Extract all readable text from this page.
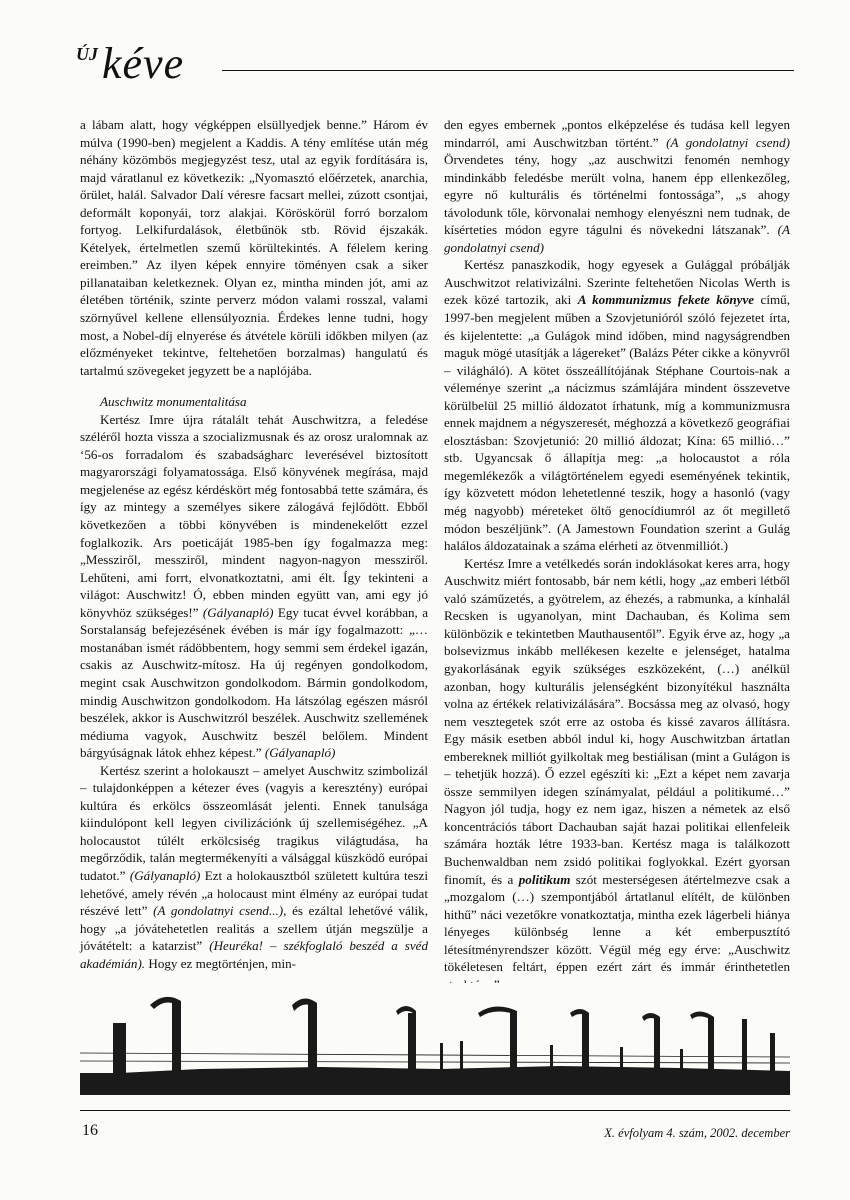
ÚJ kéve

a lábam alatt, hogy végképpen elsüllyedjek benne.” Három év múlva (1990-ben) megjelent a Kaddis. A tény említése után még néhány közömbös megjegyzést tesz, utal az egyik fordítására is, majd váratlanul ez következik: „Nyomasztó előérzetek, anarchia, őrület, halál. Salvador Dalí véresre facsart mellei, zúzott csontjai, deformált koponyái, torz alakjai. Köröskörül forró borzalom fortyog. Lelkifurdalások, életbűnök stb. Rövid éjszakák. Kételyek, értelmetlen szemű körültekintés. A félelem kering ereimben.” Az ilyen képek ennyire töményen csak a siker pillanataiban keletkeznek. Olyan ez, mintha minden jót, ami az életében történik, szinte perverz módon valami rosszal, valami szörnyűvel kellene ellensúlyoznia. Érdekes lenne tudni, hogy most, a Nobel-díj elnyerése és átvétele körüli időkben milyen (az előzményeket tekintve, feltehetően borzalmas) hangulatú és tartalmú szövegeket jegyzett be a naplójába.

Auschwitz monumentalitása

Kertész Imre újra rátalált tehát Auschwitzra, a feledése széléről hozta vissza a szocializmusnak és az orosz uralomnak az ‘56-os forradalom és szabadságharc leverésével biztosított magyarországi folyamatossága. Első könyvének megírása, majd megjelenése az egész kérdéskört még fontosabbá tette számára, és így az mintegy a személyes sikere zálogává fejlődött. Ebből következően a többi könyvében is mindenekelőtt ezzel foglalkozik. Ars poeticáját 1985-ben így fogalmazza meg: „Messziről, messziről, mindent nagyon-nagyon messziről. Lehűteni, ami forrt, elvonatkoztatni, ami élt. Így tekinteni a világot: Auschwitz! Ó, ebben minden együtt van, ami egy jó könyvhöz szükséges!” (Gályanapló) Egy tucat évvel korábban, a Sorstalanság befejezésének évében is már így fogalmazott: „…mostanában ismét rádöbbentem, hogy semmi sem érdekel igazán, csakis az Auschwitz-mítosz. Ha új regényen gondolkodom, megint csak Auschwitzon gondolkodom. Bármin gondolkodom, mindig Auschwitzon gondolkodom. Ha látszólag egészen másról beszélek, akkor is Auschwitzról beszélek. Auschwitz szellemének médiuma vagyok, Auschwitz beszél belőlem. Mindent bárgyúságnak látok ehhez képest.” (Gályanapló)

Kertész szerint a holokauszt – amelyet Auschwitz szimbolizál – tulajdonképpen a kétezer éves (vagyis a keresztény) európai kultúra és erkölcs összeomlását jelenti. Ennek tanulsága kiindulópont kell legyen civilizációnk új szellemiségéhez. „A holocaustot túlélt erkölcsiség tragikus világtudása, ha megőrződik, talán megtermékenyíti a válsággal küszködő európai tudatot.” (Gályanapló) Ezt a holokausztból született kultúra teszi lehetővé, amely révén „a holocaust mint élmény az európai tudat részévé lett” (A gondolatnyi csend...), és ezáltal lehetővé válik, hogy „a jóvátehetetlen realitás a szellem útján megszülje a jóvátételt: a katarzist” (Heuréka! – székfoglaló beszéd a svéd akadémián). Hogy ez megtörténjen, min-

den egyes embernek „pontos elképzelése és tudása kell legyen mindarról, ami Auschwitzban történt.” (A gondolatnyi csend) Örvendetes tény, hogy „az auschwitzi fenomén nemhogy mindinkább feledésbe merült volna, hanem épp ellenkezőleg, egyre nő kulturális és történelmi fontossága”, „s ahogy távolodunk tőle, körvonalai nemhogy elenyészni nem tudnak, de kísérteties módon egyre tágulni és növekedni látszanak”. (A gondolatnyi csend)

Kertész panaszkodik, hogy egyesek a Gulággal próbálják Auschwitzot relativizálni. Szerinte feltehetően Nicolas Werth is ezek közé tartozik, aki A kommunizmus fekete könyve című, 1997-ben megjelent műben a Szovjetunióról szóló fejezetet írta, és kijelentette: „a Gulágok mind időben, mind nagyságrendben maguk mögé utasítják a lágereket” (Balázs Péter cikke a könyvről – világháló). A kötet összeállítójának Stéphane Courtois-nak a véleménye szerint „a nácizmus számlájára mindent összevetve körülbelül 25 millió áldozatot írhatunk, míg a kommunizmusra ennek majdnem a négyszeresét, méghozzá a következő geográfiai elosztásban: Szovjetunió: 20 millió áldozat; Kína: 65 millió…” stb. Ugyancsak ő állapítja meg: „a holocaustot a róla megemlékezők a világtörténelem egyedi eseményének tekintik, így közvetett módon lehetetlenné teszik, hogy a hasonló (vagy még nagyobb) méreteket öltő genocídiumról az őt megillető módon beszéljünk”. (A Jamestown Foundation szerint a Gulág halálos áldozatainak a száma elérheti az ötvenmilliót.)

Kertész Imre a vetélkedés során indoklásokat keres arra, hogy Auschwitz miért fontosabb, bár nem kétli, hogy „az emberi létből való száműzetés, a gyötrelem, az éhezés, a rabmunka, a kínhalál Recsken is ugyanolyan, mint Dachauban, és Kolima sem különbözik e tekintetben Mauthausentől”. Egyik érve az, hogy „a bolsevizmus inkább mellékesen kezelte e jelenséget, hatalma gyakorlásának egyik szükséges eszközeként, (…) anélkül azonban, hogy kulturális jelenségként bizonyítékul használta volna az értékek relativizálására”. Bocsássa meg az olvasó, hogy nem vesztegetek szót erre az ostoba és kissé zavaros állításra. Egy másik esetben abból indul ki, hogy Auschwitzban ártatlan embereknek milliót gyilkoltak meg bestiálisan (mint a Gulágon is – tehetjük hozzá). Ő ezzel egészíti ki: „Ezt a képet nem zavarja össze semmilyen idegen színámyalat, például a politikumé…” Nagyon jól tudja, hogy ez nem igaz, hiszen a németek az első koncentrációs tábort Dachauban saját hazai politikai ellenfeleik számára hozták létre 1933-ban. Kertész maga is találkozott Buchenwaldban nem zsidó politikai foglyokkal. Ezért gyorsan finomít, és a politikum szót mesterségesen átértelmezve csak a „mozgalom (…) szempontjából ártatlanul elítélt, de különben hithű” náci vezetőkre vonatkoztatja, mintha ezek lágerbeli hiánya lényeges különbség lenne a két emberpusztító létesítményrendszer között. Végül még egy érve: „Auschwitz tökéletesen feltárt, éppen ezért zárt és immár érinthetetlen

16	X. évfolyam 4. szám, 2002. december
